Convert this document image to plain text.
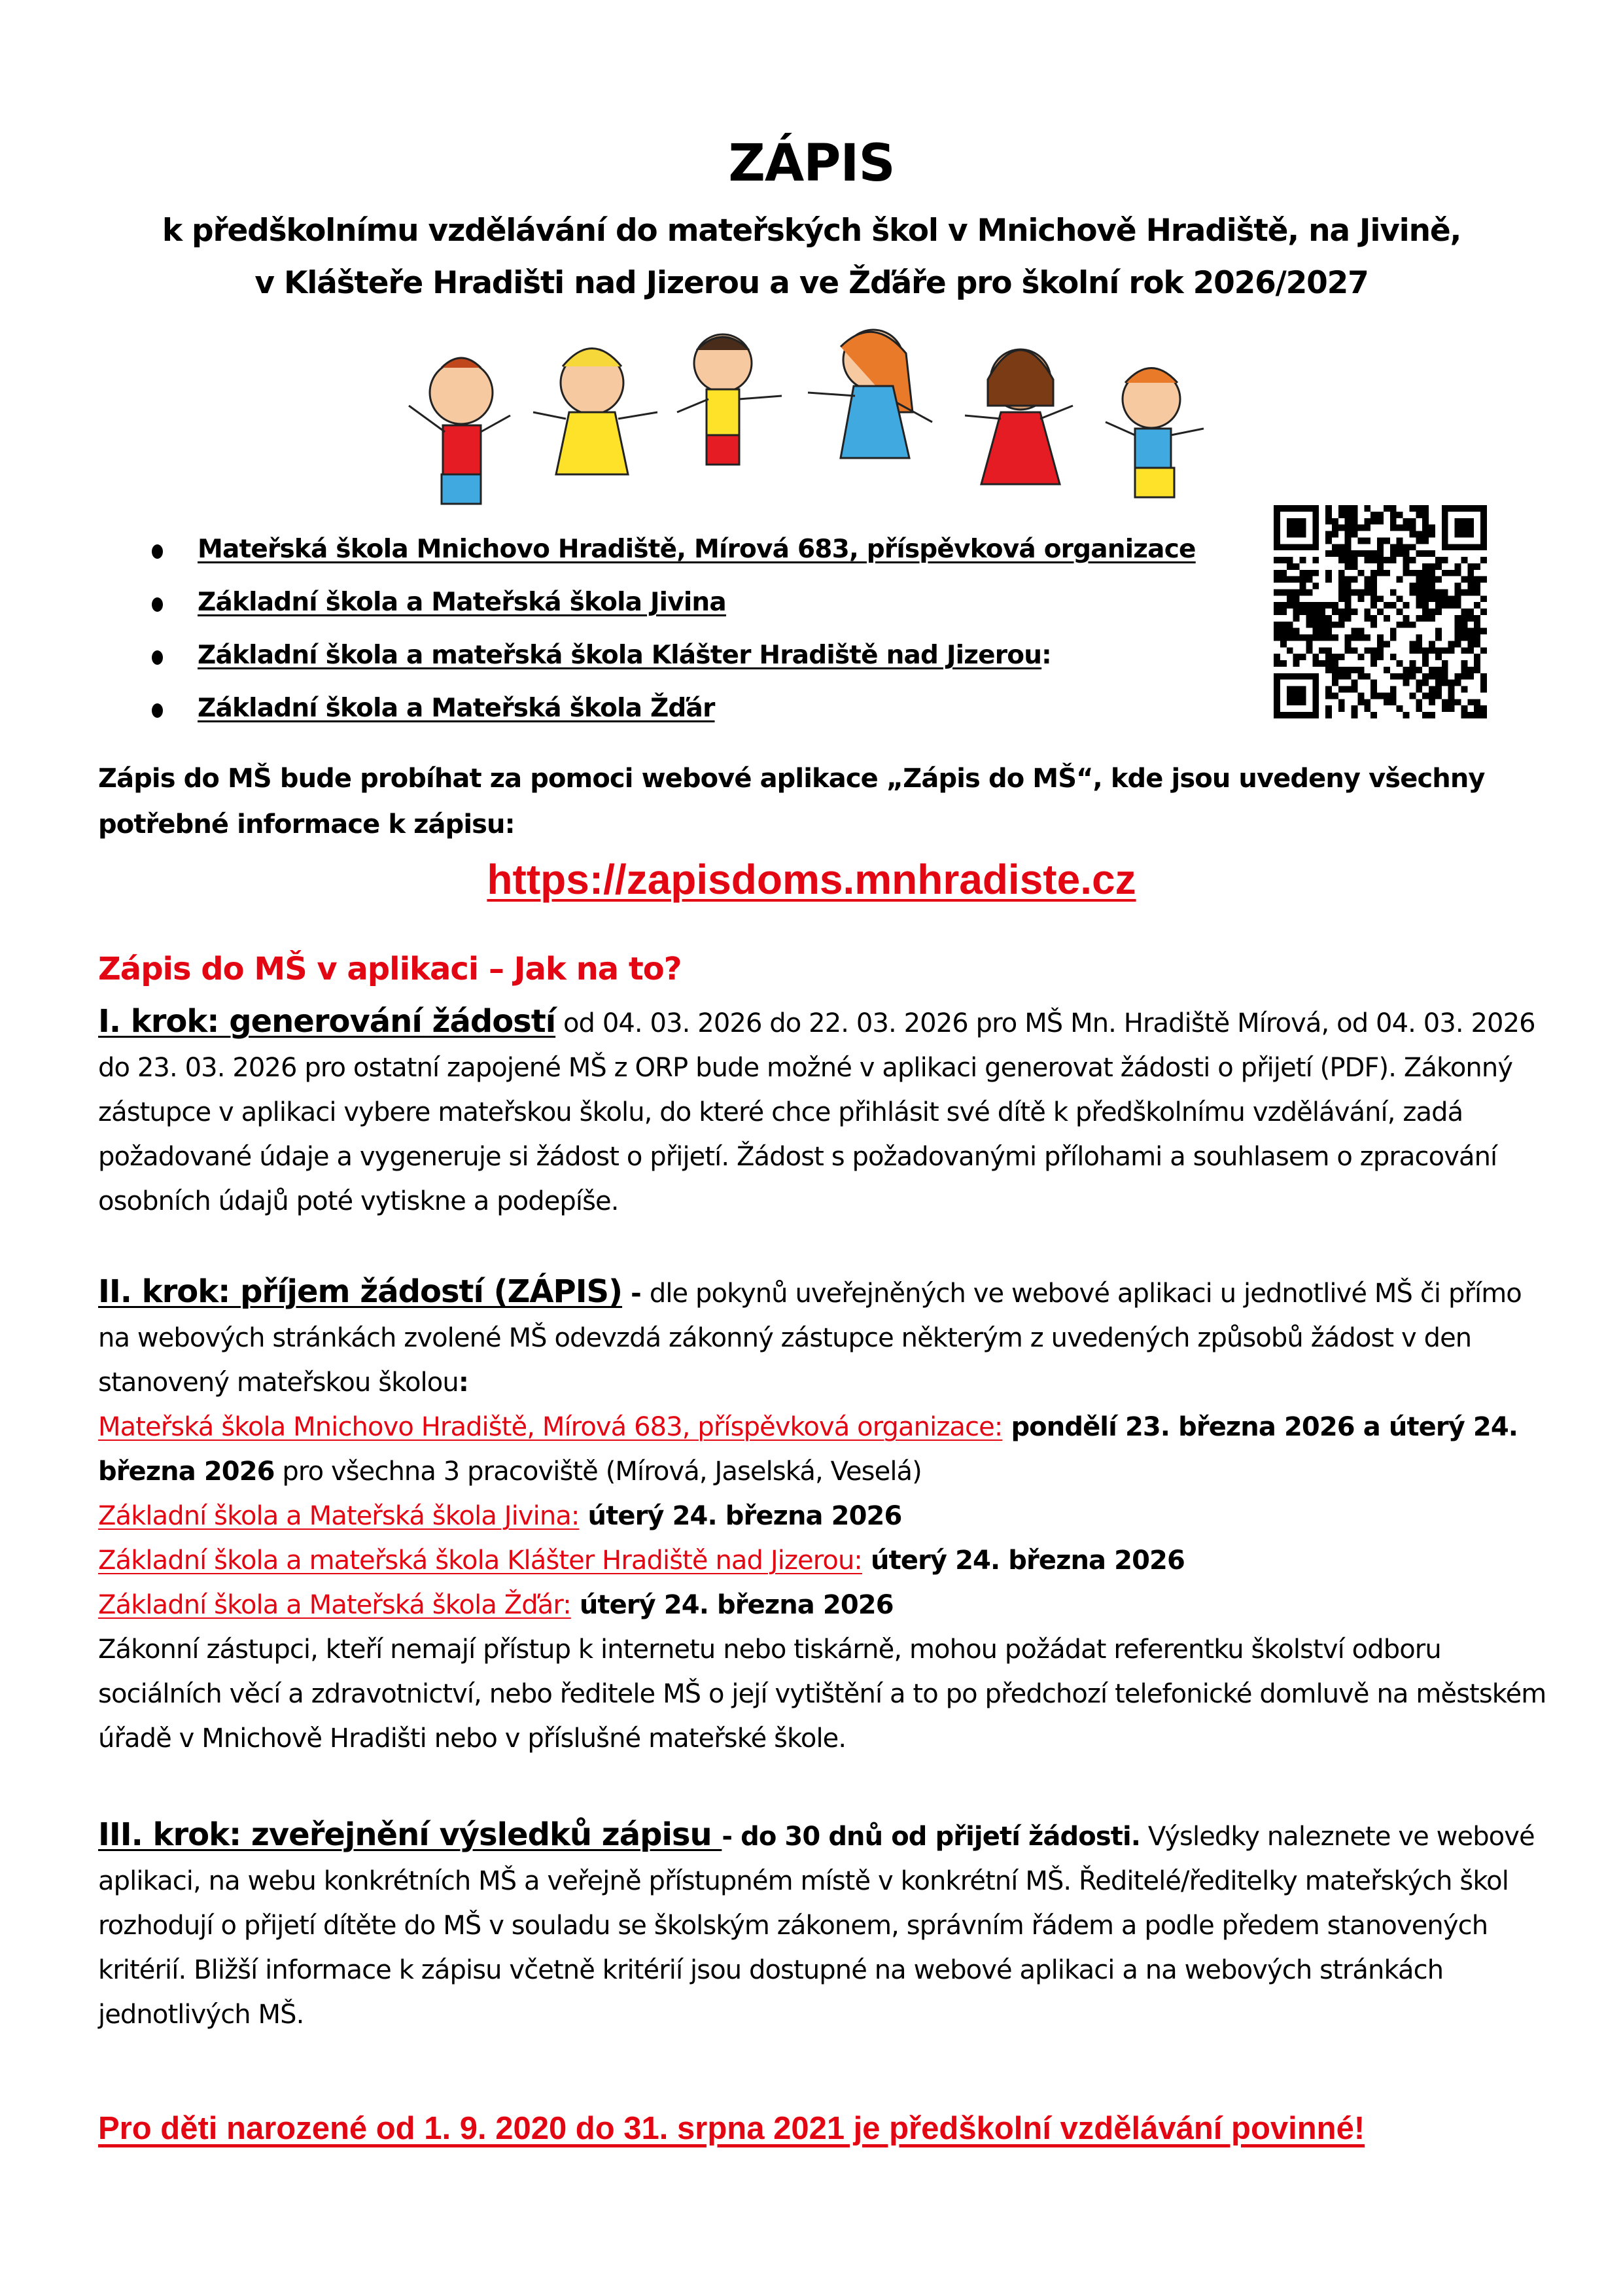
ZÁPIS
k předškolnímu vzdělávání do mateřských škol v Mnichově Hradiště, na Jivině,
v Klášteře Hradišti nad Jizerou a ve Žďáře pro školní rok 2026/2027
Mateřská škola Mnichovo Hradiště, Mírová 683, příspěvková organizace
Základní škola a Mateřská škola Jivina
Základní škola a mateřská škola Klášter Hradiště nad Jizerou:
Základní škola a Mateřská škola Žďár
Zápis do MŠ bude probíhat za pomoci webové aplikace „Zápis do MŠ“, kde jsou uvedeny všechny potřebné informace k zápisu:
https://zapisdoms.mnhradiste.cz
Zápis do MŠ v aplikaci – Jak na to?
I. krok: generování žádostí od 04. 03. 2026 do 22. 03. 2026 pro MŠ Mn. Hradiště Mírová, od 04. 03. 2026 do 23. 03. 2026 pro ostatní zapojené MŠ z ORP bude možné v aplikaci generovat žádosti o přijetí (PDF). Zákonný zástupce v aplikaci vybere mateřskou školu, do které chce přihlásit své dítě k předškolnímu vzdělávání, zadá požadované údaje a vygeneruje si žádost o přijetí. Žádost s požadovanými přílohami a souhlasem o zpracování osobních údajů poté vytiskne a podepíše.
II. krok: příjem žádostí (ZÁPIS) - dle pokynů uveřejněných ve webové aplikaci u jednotlivé MŠ či přímo na webových stránkách zvolené MŠ odevzdá zákonný zástupce některým z uvedených způsobů žádost v den stanovený mateřskou školou:
Mateřská škola Mnichovo Hradiště, Mírová 683, příspěvková organizace: pondělí 23. března 2026 a úterý 24. března 2026 pro všechna 3 pracoviště (Mírová, Jaselská, Veselá)
Základní škola a Mateřská škola Jivina: úterý 24. března 2026
Základní škola a mateřská škola Klášter Hradiště nad Jizerou: úterý 24. března 2026
Základní škola a Mateřská škola Žďár: úterý 24. března 2026
Zákonní zástupci, kteří nemají přístup k internetu nebo tiskárně, mohou požádat referentku školství odboru sociálních věcí a zdravotnictví, nebo ředitele MŠ o její vytištění a to po předchozí telefonické domluvě na městském úřadě v Mnichově Hradišti nebo v příslušné mateřské škole.
III. krok: zveřejnění výsledků zápisu - do 30 dnů od přijetí žádosti. Výsledky naleznete ve webové aplikaci, na webu konkrétních MŠ a veřejně přístupném místě v konkrétní MŠ. Ředitelé/ředitelky mateřských škol rozhodují o přijetí dítěte do MŠ v souladu se školským zákonem, správním řádem a podle předem stanovených kritérií. Bližší informace k zápisu včetně kritérií jsou dostupné na webové aplikaci a na webových stránkách jednotlivých MŠ.
Pro děti narozené od 1. 9. 2020 do 31. srpna 2021 je předškolní vzdělávání povinné!
